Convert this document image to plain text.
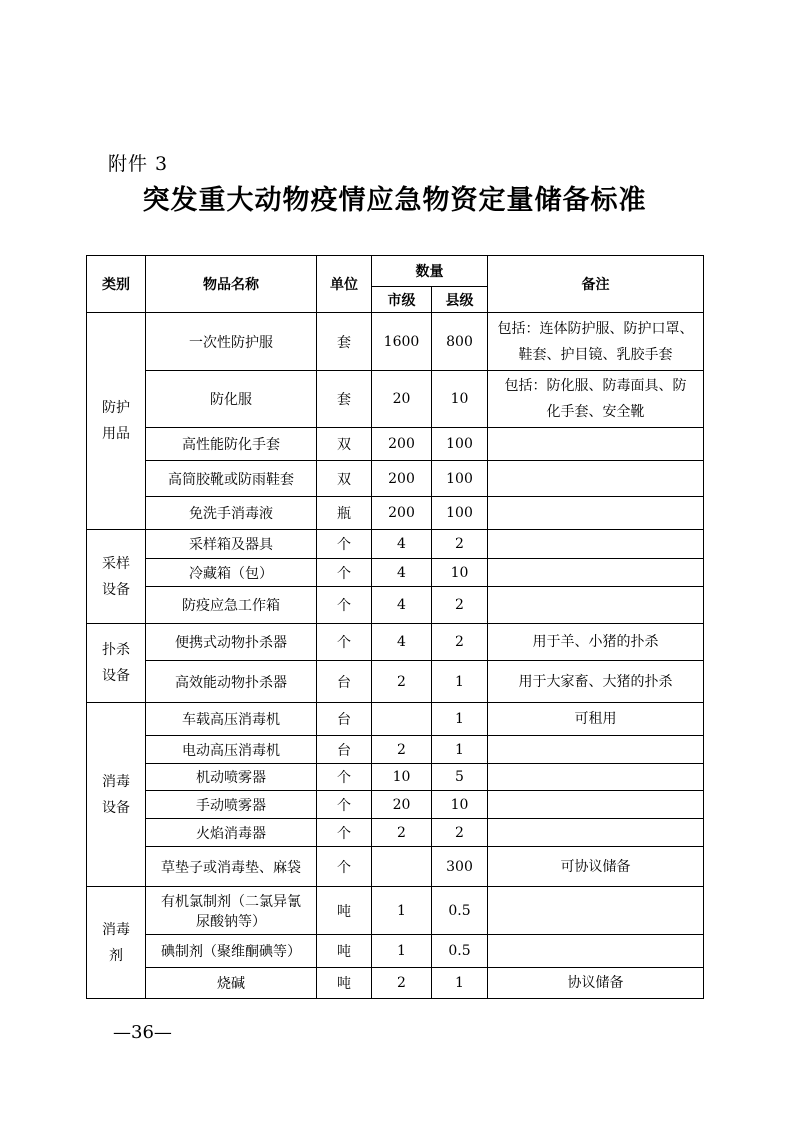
附件 3
突发重大动物疫情应急物资定量储备标准
类别	物品名称	单位	数量		备注
			市级	县级	
防护
用品	一次性防护服	套	1600	800	包括：连体防护服、防护口罩、
鞋套、护目镜、乳胶手套
	防化服	套	20	10	包括：防化服、防毒面具、防
化手套、安全靴
	高性能防化手套	双	200	100	
	高筒胶靴或防雨鞋套	双	200	100	
	免洗手消毒液	瓶	200	100	
采样
设备	采样箱及器具	个	4	2	
	冷藏箱（包）	个	4	10	
	防疫应急工作箱	个	4	2	
扑杀
设备	便携式动物扑杀器	个	4	2	用于羊、小猪的扑杀
	高效能动物扑杀器	台	2	1	用于大家畜、大猪的扑杀
消毒
设备	车载高压消毒机	台		1	可租用
	电动高压消毒机	台	2	1	
	机动喷雾器	个	10	5	
	手动喷雾器	个	20	10	
	火焰消毒器	个	2	2	
	草垫子或消毒垫、麻袋	个		300	可协议储备
消毒
剂	有机氯制剂（二氯异氰
尿酸钠等）	吨	1	0.5	
	碘制剂（聚维酮碘等）	吨	1	0.5	
	烧碱	吨	2	1	协议储备
—36—
